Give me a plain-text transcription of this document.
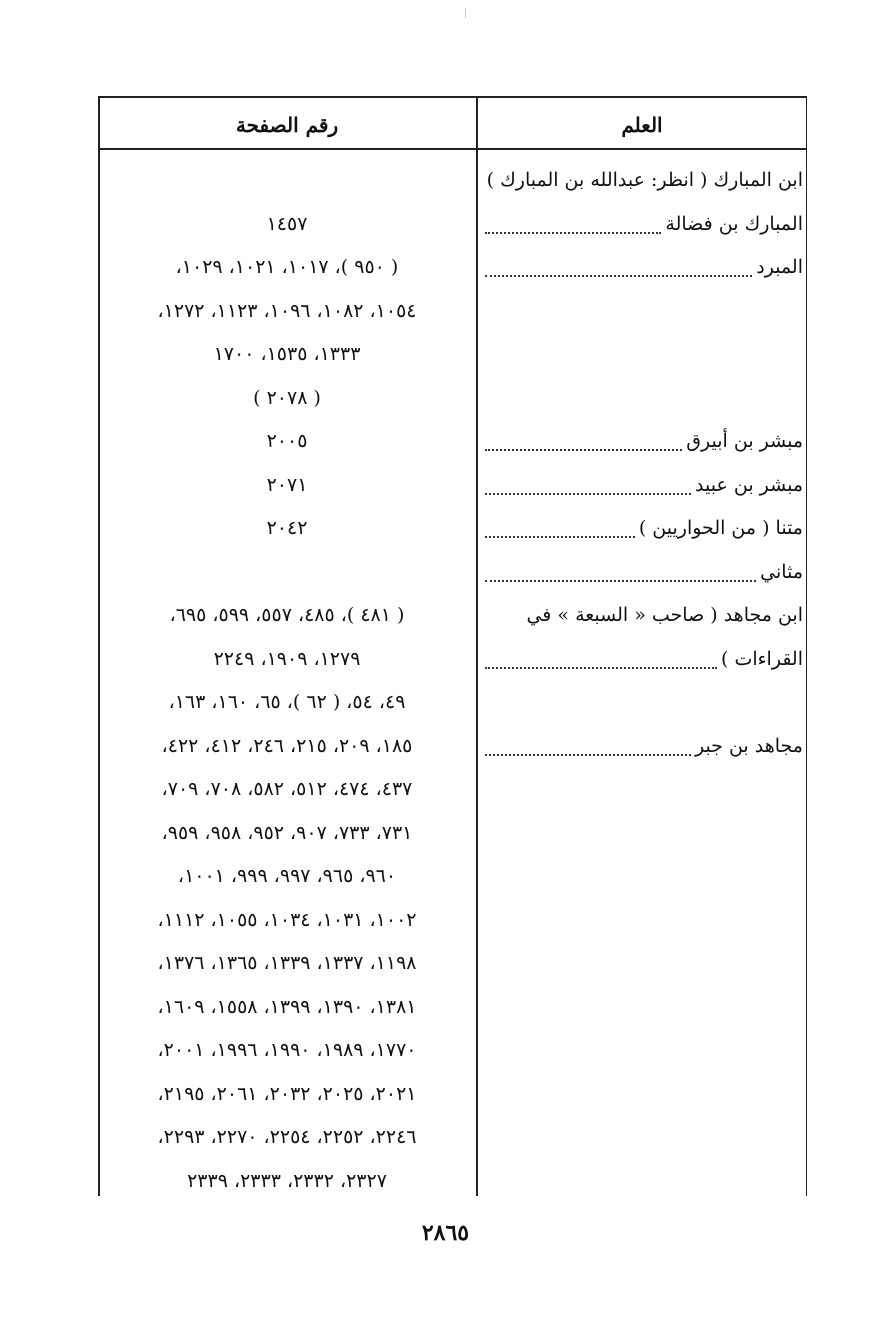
العلم
رقم الصفحة
ابن المبارك ( انظر: عبدالله بن المبارك )
المبارك بن فضالة
المبرد
مبشر بن أبيرق
مبشر بن عبيد
متنا ( من الحواريين )
مثاني
ابن مجاهد ( صاحب « السبعة » في
القراءات )
مجاهد بن جبر
١٤٥٧
( ٩٥٠ )، ١٠١٧، ١٠٢١، ١٠٢٩،
١٠٥٤، ١٠٨٢، ١٠٩٦، ١١٢٣، ١٢٧٢،
١٣٣٣، ١٥٣٥، ١٧٠٠
( ٢٠٧٨ )
٢٠٠٥
٢٠٧١
٢٠٤٢
( ٤٨١ )، ٤٨٥، ٥٥٧، ٥٩٩، ٦٩٥،
١٢٧٩، ١٩٠٩، ٢٢٤٩
٤٩، ٥٤، ( ٦٢ )، ٦٥، ١٦٠، ١٦٣،
١٨٥، ٢٠٩، ٢١٥، ٢٤٦، ٤١٢، ٤٢٢،
٤٣٧، ٤٧٤، ٥١٢، ٥٨٢، ٧٠٨، ٧٠٩،
٧٣١، ٧٣٣، ٩٠٧، ٩٥٢، ٩٥٨، ٩٥٩،
٩٦٠، ٩٦٥، ٩٩٧، ٩٩٩، ١٠٠١،
١٠٠٢، ١٠٣١، ١٠٣٤، ١٠٥٥، ١١١٢،
١١٩٨، ١٣٣٧، ١٣٣٩، ١٣٦٥، ١٣٧٦،
١٣٨١، ١٣٩٠، ١٣٩٩، ١٥٥٨، ١٦٠٩،
١٧٧٠، ١٩٨٩، ١٩٩٠، ١٩٩٦، ٢٠٠١،
٢٠٢١، ٢٠٢٥، ٢٠٣٢، ٢٠٦١، ٢١٩٥،
٢٢٤٦، ٢٢٥٢، ٢٢٥٤، ٢٢٧٠، ٢٢٩٣،
٢٣٢٧، ٢٣٣٢، ٢٣٣٣، ٢٣٣٩
٢٨٦٥
